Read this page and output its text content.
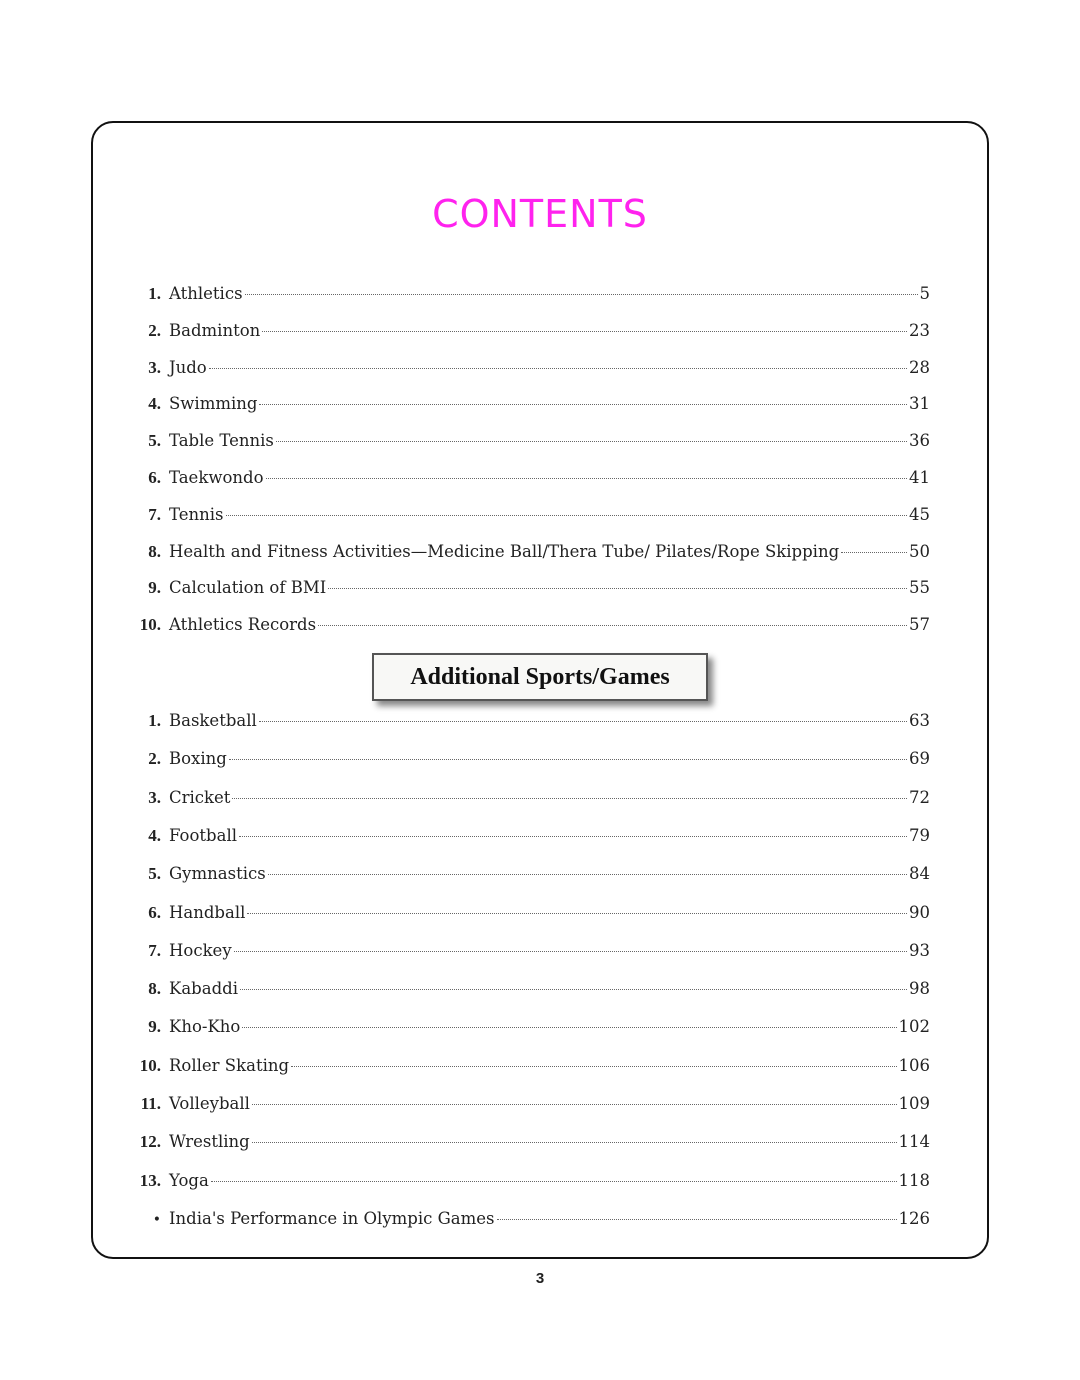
CONTENTS
1. Athletics	5
2. Badminton	23
3. Judo	28
4. Swimming	31
5. Table Tennis	36
6. Taekwondo	41
7. Tennis	45
8. Health and Fitness Activities—Medicine Ball/Thera Tube/ Pilates/Rope Skipping	50
9. Calculation of BMI	55
10. Athletics Records	57
Additional Sports/Games
1. Basketball	63
2. Boxing	69
3. Cricket	72
4. Football	79
5. Gymnastics	84
6. Handball	90
7. Hockey	93
8. Kabaddi	98
9. Kho-Kho	102
10. Roller Skating	106
11. Volleyball	109
12. Wrestling	114
13. Yoga	118
• India's Performance in Olympic Games	126
3
